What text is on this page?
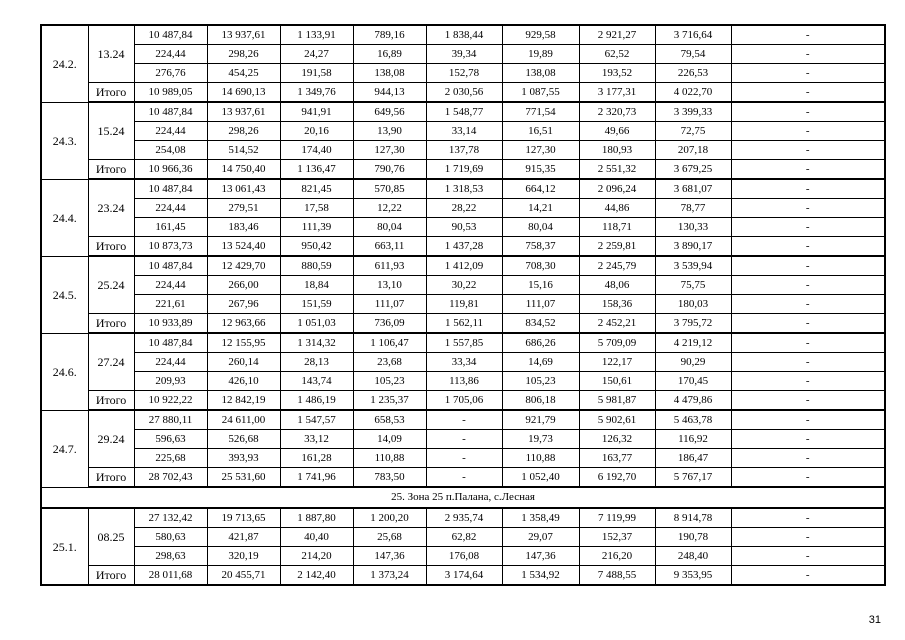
24.2.	13.24	10 487,84	13 937,61	1 133,91	789,16	1 838,44	929,58	2 921,27	3 716,64	-
		224,44	298,26	24,27	16,89	39,34	19,89	62,52	79,54	-
		276,76	454,25	191,58	138,08	152,78	138,08	193,52	226,53	-
	Итого	10 989,05	14 690,13	1 349,76	944,13	2 030,56	1 087,55	3 177,31	4 022,70	-
24.3.	15.24	10 487,84	13 937,61	941,91	649,56	1 548,77	771,54	2 320,73	3 399,33	-
		224,44	298,26	20,16	13,90	33,14	16,51	49,66	72,75	-
		254,08	514,52	174,40	127,30	137,78	127,30	180,93	207,18	-
	Итого	10 966,36	14 750,40	1 136,47	790,76	1 719,69	915,35	2 551,32	3 679,25	-
24.4.	23.24	10 487,84	13 061,43	821,45	570,85	1 318,53	664,12	2 096,24	3 681,07	-
		224,44	279,51	17,58	12,22	28,22	14,21	44,86	78,77	-
		161,45	183,46	111,39	80,04	90,53	80,04	118,71	130,33	-
	Итого	10 873,73	13 524,40	950,42	663,11	1 437,28	758,37	2 259,81	3 890,17	-
24.5.	25.24	10 487,84	12 429,70	880,59	611,93	1 412,09	708,30	2 245,79	3 539,94	-
		224,44	266,00	18,84	13,10	30,22	15,16	48,06	75,75	-
		221,61	267,96	151,59	111,07	119,81	111,07	158,36	180,03	-
	Итого	10 933,89	12 963,66	1 051,03	736,09	1 562,11	834,52	2 452,21	3 795,72	-
24.6.	27.24	10 487,84	12 155,95	1 314,32	1 106,47	1 557,85	686,26	5 709,09	4 219,12	-
		224,44	260,14	28,13	23,68	33,34	14,69	122,17	90,29	-
		209,93	426,10	143,74	105,23	113,86	105,23	150,61	170,45	-
	Итого	10 922,22	12 842,19	1 486,19	1 235,37	1 705,06	806,18	5 981,87	4 479,86	-
24.7.	29.24	27 880,11	24 611,00	1 547,57	658,53	-	921,79	5 902,61	5 463,78	-
		596,63	526,68	33,12	14,09	-	19,73	126,32	116,92	-
		225,68	393,93	161,28	110,88	-	110,88	163,77	186,47	-
	Итого	28 702,43	25 531,60	1 741,96	783,50	-	1 052,40	6 192,70	5 767,17	-
25. Зона 25 п.Палана, с.Лесная										
25.1.	08.25	27 132,42	19 713,65	1 887,80	1 200,20	2 935,74	1 358,49	7 119,99	8 914,78	-
		580,63	421,87	40,40	25,68	62,82	29,07	152,37	190,78	-
		298,63	320,19	214,20	147,36	176,08	147,36	216,20	248,40	-
	Итого	28 011,68	20 455,71	2 142,40	1 373,24	3 174,64	1 534,92	7 488,55	9 353,95	-
31
